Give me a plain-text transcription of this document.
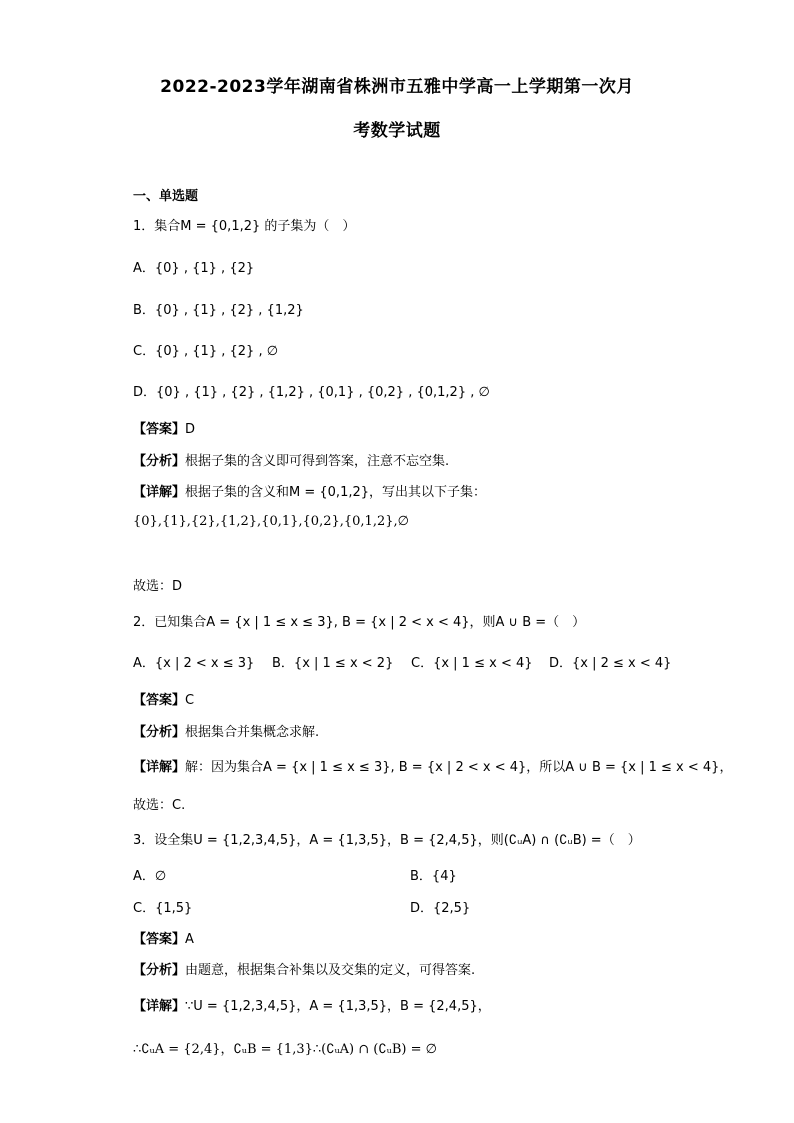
2022-2023学年湖南省株洲市五雅中学高一上学期第一次月
考数学试题
一、单选题
1．集合M = {0,1,2} 的子集为（　）
A．{0} , {1} , {2}
B．{0} , {1} , {2} , {1,2}
C．{0} , {1} , {2} , ∅
D．{0} , {1} , {2} , {1,2} , {0,1} , {0,2} , {0,1,2} , ∅
【答案】D
【分析】根据子集的含义即可得到答案，注意不忘空集.
【详解】根据子集的含义和M = {0,1,2}，写出其以下子集：
{0},{1},{2},{1,2},{0,1},{0,2},{0,1,2},∅
故选：D
2．已知集合A = {x | 1 ≤ x ≤ 3}, B = {x | 2 < x < 4}，则A ∪ B =（　）
A．{x | 2 < x ≤ 3} B．{x | 1 ≤ x < 2} C．{x | 1 ≤ x < 4} D．{x | 2 ≤ x < 4}
【答案】C
【分析】根据集合并集概念求解.
【详解】解：因为集合A = {x | 1 ≤ x ≤ 3}, B = {x | 2 < x < 4}，所以A ∪ B = {x | 1 ≤ x < 4}，
故选：C.
3．设全集U = {1,2,3,4,5}，A = {1,3,5}，B = {2,4,5}，则(∁ᵤA) ∩ (∁ᵤB) =（　）
A．∅	B．{4}
C．{1,5}	D．{2,5}
【答案】A
【分析】由题意，根据集合补集以及交集的定义，可得答案.
【详解】∵U = {1,2,3,4,5}，A = {1,3,5}，B = {2,4,5}，
∴∁ᵤA = {2,4}，∁ᵤB = {1,3}∴(∁ᵤA) ∩ (∁ᵤB) = ∅
